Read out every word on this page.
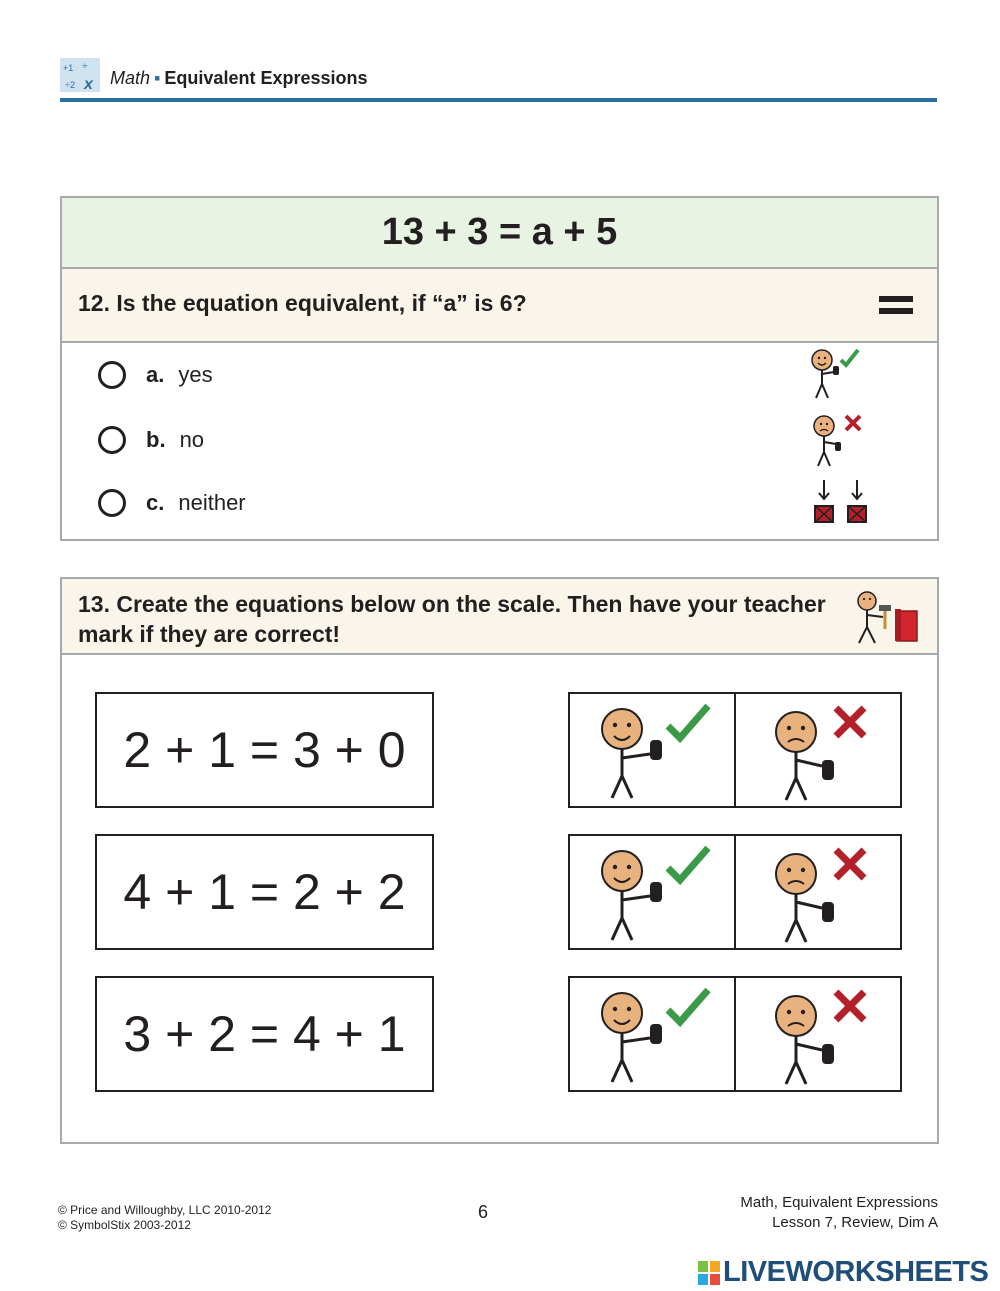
+1 ÷
÷2 x Math ▪ Equivalent Expressions
13 + 3 = a + 5
12. Is the equation equivalent, if “a” is 6?
a. yes
b. no
c. neither
13. Create the equations below on the scale. Then have your teacher mark if they are correct!
2 + 1 = 3 + 0
4 + 1 = 2 + 2
3 + 2 = 4 + 1
© Price and Willoughby, LLC 2010-2012
© SymbolStix 2003-2012
6	Math, Equivalent Expressions
Lesson 7, Review, Dim A
LIVEWORKSHEETS
